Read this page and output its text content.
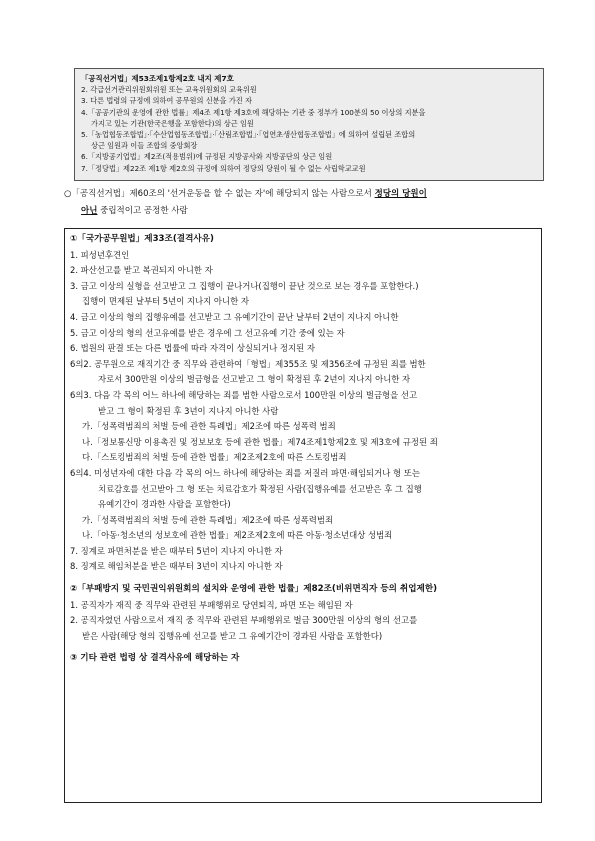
「공직선거법」제53조제1항제2호 내지 제7호
2. 각급선거관리위원회위원 또는 교육위원회의 교육위원
3. 다른 법령의 규정에 의하여 공무원의 신분을 가진 자
4.「공공기관의 운영에 관한 법률」제4조 제1항 제3호에 해당하는 기관 중 정부가 100분의 50 이상의 지분을
가지고 있는 기관(한국은행을 포함한다)의 상근 임원
5.「농업협동조합법」·「수산업협동조합법」·「산림조합법」·「엽연초생산협동조합법」에 의하여 설립된 조합의
상근 임원과 이들 조합의 중앙회장
6.「지방공기업법」제2조(적용범위)에 규정된 지방공사와 지방공단의 상근 임원
7.「정당법」제22조 제1항 제2호의 규정에 의하여 정당의 당원이 될 수 없는 사립학교교원
○「공직선거법」제60조의 '선거운동을 할 수 없는 자'에 해당되지 않는 사람으로서 정당의 당원이
아닌 중립적이고 공정한 사람
①「국가공무원법」제33조(결격사유)
1. 피성년후견인
2. 파산선고를 받고 복권되지 아니한 자
3. 금고 이상의 실형을 선고받고 그 집행이 끝나거나(집행이 끝난 것으로 보는 경우를 포함한다.)
집행이 면제된 날부터 5년이 지나지 아니한 자
4. 금고 이상의 형의 집행유예를 선고받고 그 유예기간이 끝난 날부터 2년이 지나지 아니한
5. 금고 이상의 형의 선고유예를 받은 경우에 그 선고유예 기간 중에 있는 자
6. 법원의 판결 또는 다른 법률에 따라 자격이 상실되거나 정지된 자
6의2. 공무원으로 재직기간 중 직무와 관련하여「형법」제355조 및 제356조에 규정된 죄를 범한
자로서 300만원 이상의 벌금형을 선고받고 그 형이 확정된 후 2년이 지나지 아니한 자
6의3. 다음 각 목의 어느 하나에 해당하는 죄를 범한 사람으로서 100만원 이상의 벌금형을 선고
받고 그 형이 확정된 후 3년이 지나지 아니한 사람
가.「성폭력범죄의 처벌 등에 관한 특례법」제2조에 따른 성폭력 범죄
나.「정보통신망 이용촉진 및 정보보호 등에 관한 법률」제74조제1항제2호 및 제3호에 규정된 죄
다.「스토킹범죄의 처벌 등에 관한 법률」제2조제2호에 따른 스토킹범죄
6의4. 미성년자에 대한 다음 각 목의 어느 하나에 해당하는 죄를 저질러 파면·해임되거나 형 또는
치료감호를 선고받아 그 형 또는 치료감호가 확정된 사람(집행유예를 선고받은 후 그 집행
유예기간이 경과한 사람을 포함한다)
가.「성폭력범죄의 처벌 등에 관한 특례법」제2조에 따른 성폭력범죄
나.「아동·청소년의 성보호에 관한 법률」제2조제2호에 따른 아동·청소년대상 성범죄
7. 징계로 파면처분을 받은 때부터 5년이 지나지 아니한 자
8. 징계로 해임처분을 받은 때부터 3년이 지나지 아니한 자
②「부패방지 및 국민권익위원회의 설치와 운영에 관한 법률」제82조(비위면직자 등의 취업제한)
1. 공직자가 재직 중 직무와 관련된 부패행위로 당연퇴직, 파면 또는 해임된 자
2. 공직자였던 사람으로서 재직 중 직무와 관련된 부패행위로 벌금 300만원 이상의 형의 선고를
받은 사람(해당 형의 집행유예 선고를 받고 그 유예기간이 경과된 사람을 포함한다)
③ 기타 관련 법령 상 결격사유에 해당하는 자
